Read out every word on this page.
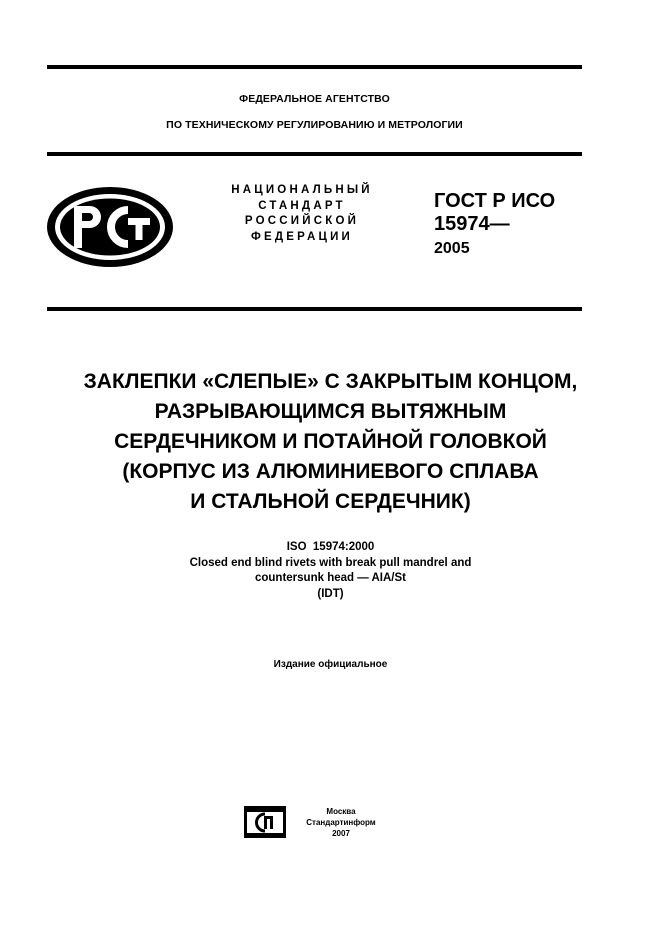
ФЕДЕРАЛЬНОЕ АГЕНТСТВО
ПО ТЕХНИЧЕСКОМУ РЕГУЛИРОВАНИЮ И МЕТРОЛОГИИ
НАЦИОНАЛЬНЫЙ
СТАНДАРТ
РОССИЙСКОЙ
ФЕДЕРАЦИИ
ГОСТ Р ИСО
15974—
2005
ЗАКЛЕПКИ «СЛЕПЫЕ» С ЗАКРЫТЫМ КОНЦОМ,
РАЗРЫВАЮЩИМСЯ ВЫТЯЖНЫМ
СЕРДЕЧНИКОМ И ПОТАЙНОЙ ГОЛОВКОЙ
(КОРПУС ИЗ АЛЮМИНИЕВОГО СПЛАВА
И СТАЛЬНОЙ СЕРДЕЧНИК)
ISO  15974:2000
Closed end blind rivets with break pull mandrel and
countersunk head — AIA/St
(IDT)
Издание официальное
Москва
Стандартинформ
2007
